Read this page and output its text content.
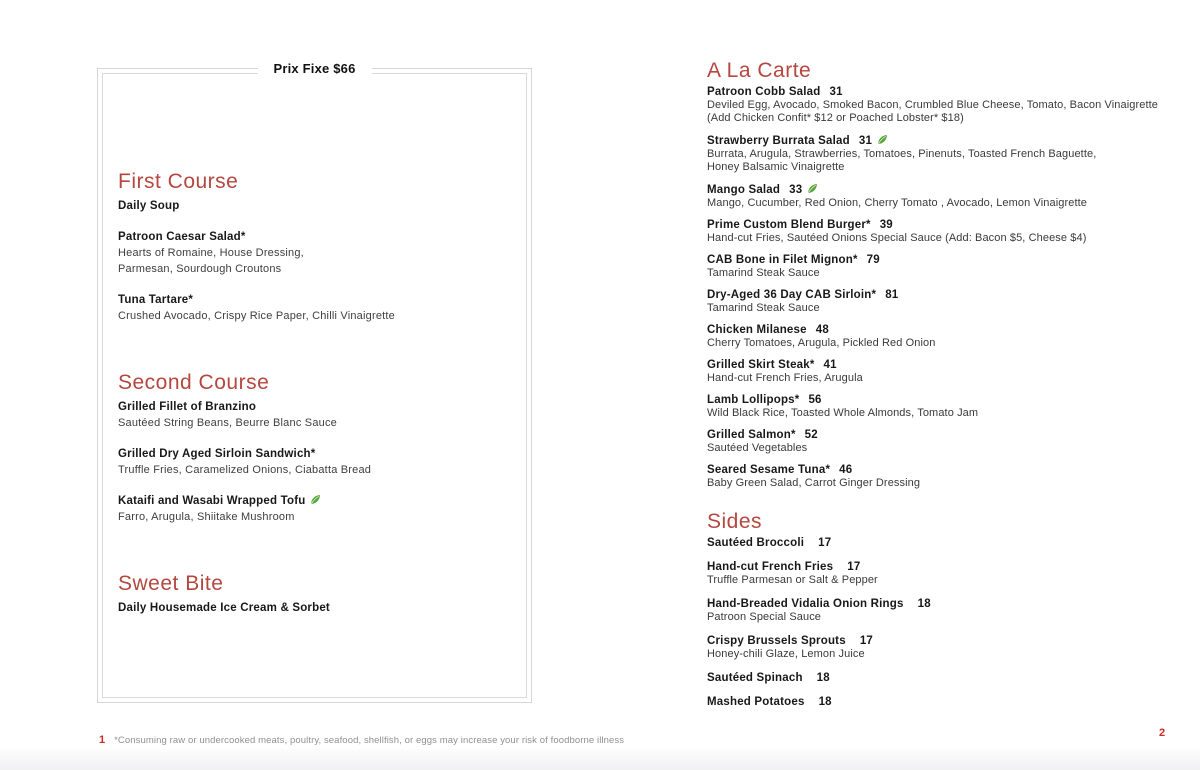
Prix Fixe $66
First Course
Daily Soup
Patroon Caesar Salad*
Hearts of Romaine, House Dressing,
Parmesan, Sourdough Croutons
Tuna Tartare*
Crushed Avocado, Crispy Rice Paper, Chilli Vinaigrette
Second Course
Grilled Fillet of Branzino
Sautéed String Beans, Beurre Blanc Sauce
Grilled Dry Aged Sirloin Sandwich*
Truffle Fries, Caramelized Onions, Ciabatta Bread
Kataifi and Wasabi Wrapped Tofu
Farro, Arugula, Shiitake Mushroom
Sweet Bite
Daily Housemade Ice Cream & Sorbet
A La Carte
Patroon Cobb Salad 31
Deviled Egg, Avocado, Smoked Bacon, Crumbled Blue Cheese, Tomato, Bacon Vinaigrette
(Add Chicken Confit* $12 or Poached Lobster* $18)
Strawberry Burrata Salad 31
Burrata, Arugula, Strawberries, Tomatoes, Pinenuts, Toasted French Baguette,
Honey Balsamic Vinaigrette
Mango Salad 33
Mango, Cucumber, Red Onion, Cherry Tomato , Avocado, Lemon Vinaigrette
Prime Custom Blend Burger* 39
Hand-cut Fries, Sautéed Onions Special Sauce (Add: Bacon $5, Cheese $4)
CAB Bone in Filet Mignon* 79
Tamarind Steak Sauce
Dry-Aged 36 Day CAB Sirloin* 81
Tamarind Steak Sauce
Chicken Milanese 48
Cherry Tomatoes, Arugula, Pickled Red Onion
Grilled Skirt Steak* 41
Hand-cut French Fries, Arugula
Lamb Lollipops* 56
Wild Black Rice, Toasted Whole Almonds, Tomato Jam
Grilled Salmon* 52
Sautéed Vegetables
Seared Sesame Tuna* 46
Baby Green Salad, Carrot Ginger Dressing
Sides
Sautéed Broccoli 17
Hand-cut French Fries 17
Truffle Parmesan or Salt & Pepper
Hand-Breaded Vidalia Onion Rings 18
Patroon Special Sauce
Crispy Brussels Sprouts 17
Honey-chili Glaze, Lemon Juice
Sautéed Spinach 18
Mashed Potatoes 18
1 *Consuming raw or undercooked meats, poultry, seafood, shellfish, or eggs may increase your risk of foodborne illness
2
